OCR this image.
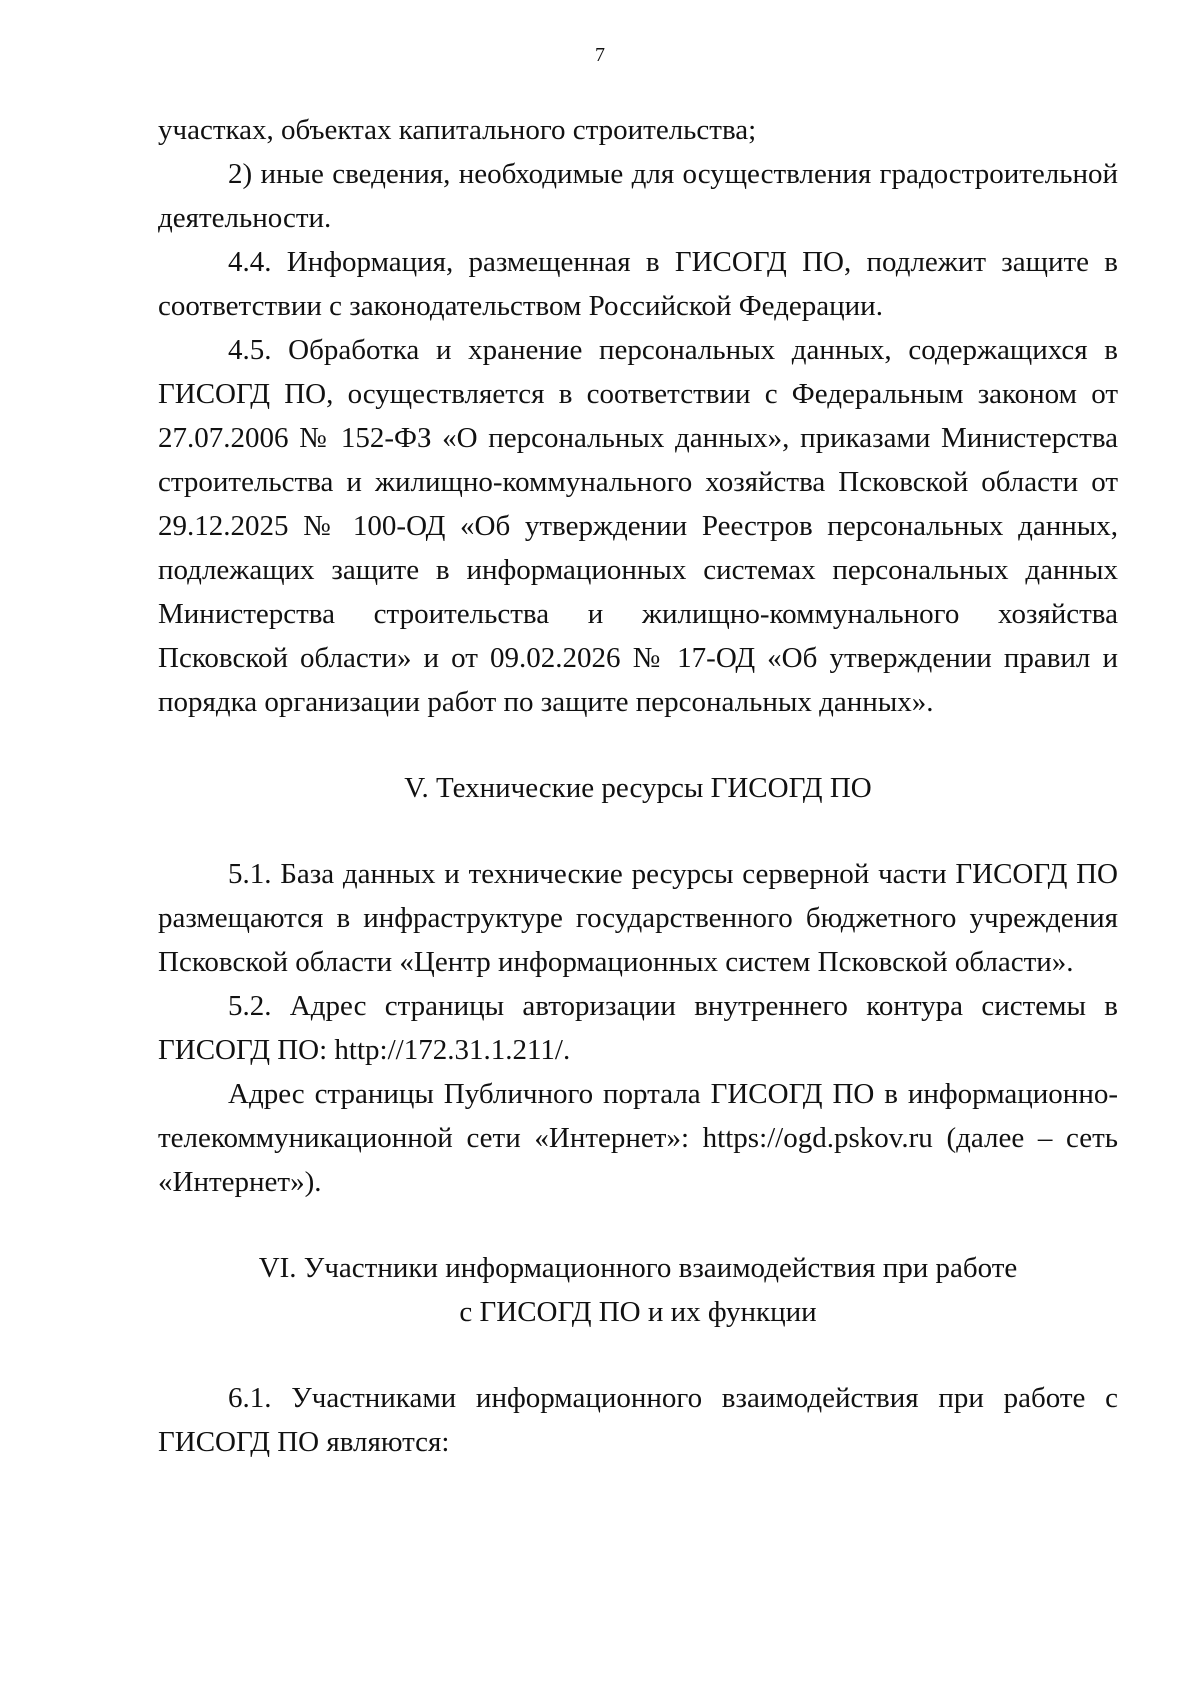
7

участках, объектах капитального строительства;

2) иные сведения, необходимые для осуществления градостроительной деятельности.

4.4. Информация, размещенная в ГИСОГД ПО, подлежит защите в соответствии с законодательством Российской Федерации.

4.5. Обработка и хранение персональных данных, содержащихся в ГИСОГД ПО, осуществляется в соответствии с Федеральным законом от 27.07.2006 № 152-ФЗ «О персональных данных», приказами Министерства строительства и жилищно-коммунального хозяйства Псковской области от 29.12.2025 № 100-ОД «Об утверждении Реестров персональных данных, подлежащих защите в информационных системах персональных данных Министерства строительства и жилищно-коммунального хозяйства Псковской области» и от 09.02.2026 № 17-ОД «Об утверждении правил и порядка организации работ по защите персональных данных».

V. Технические ресурсы ГИСОГД ПО

5.1. База данных и технические ресурсы серверной части ГИСОГД ПО размещаются в инфраструктуре государственного бюджетного учреждения Псковской области «Центр информационных систем Псковской области».

5.2. Адрес страницы авторизации внутреннего контура системы в ГИСОГД ПО: http://172.31.1.211/.

Адрес страницы Публичного портала ГИСОГД ПО в информационно-телекоммуникационной сети «Интернет»: https://ogd.pskov.ru (далее – сеть «Интернет»).

VI. Участники информационного взаимодействия при работе

с ГИСОГД ПО и их функции

6.1. Участниками информационного взаимодействия при работе с ГИСОГД ПО являются:
